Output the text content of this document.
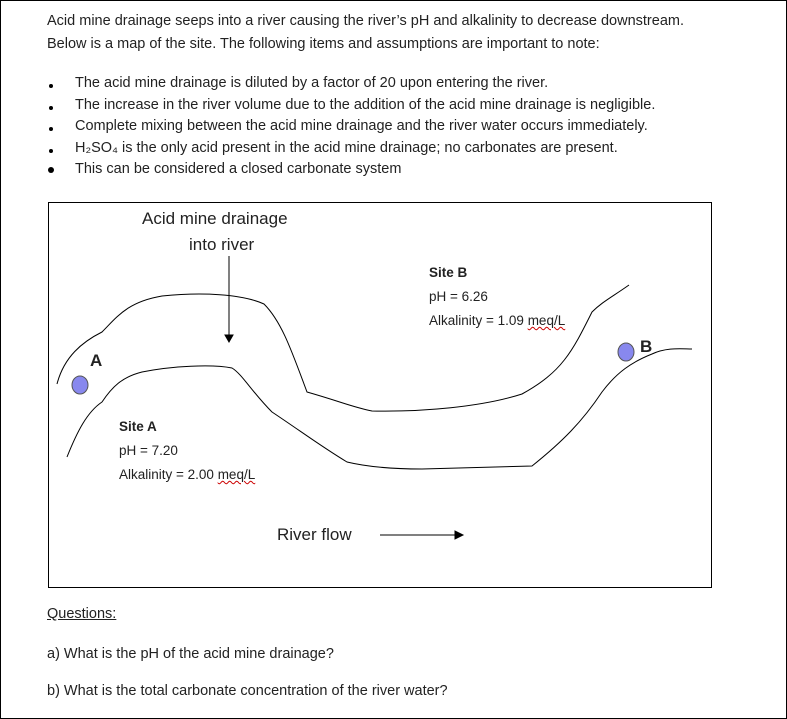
Acid mine drainage seeps into a river causing the river’s pH and alkalinity to decrease downstream.
Below is a map of the site. The following items and assumptions are important to note:
The acid mine drainage is diluted by a factor of 20 upon entering the river.
The increase in the river volume due to the addition of the acid mine drainage is negligible.
Complete mixing between the acid mine drainage and the river water occurs immediately.
H₂SO₄ is the only acid present in the acid mine drainage; no carbonates are present.
This can be considered a closed carbonate system
Acid mine drainage
into river
A
B
Site B
pH = 6.26
Alkalinity = 1.09 meq/L
Site A
pH = 7.20
Alkalinity = 2.00 meq/L
River flow
Questions:
a) What is the pH of the acid mine drainage?
b) What is the total carbonate concentration of the river water?
